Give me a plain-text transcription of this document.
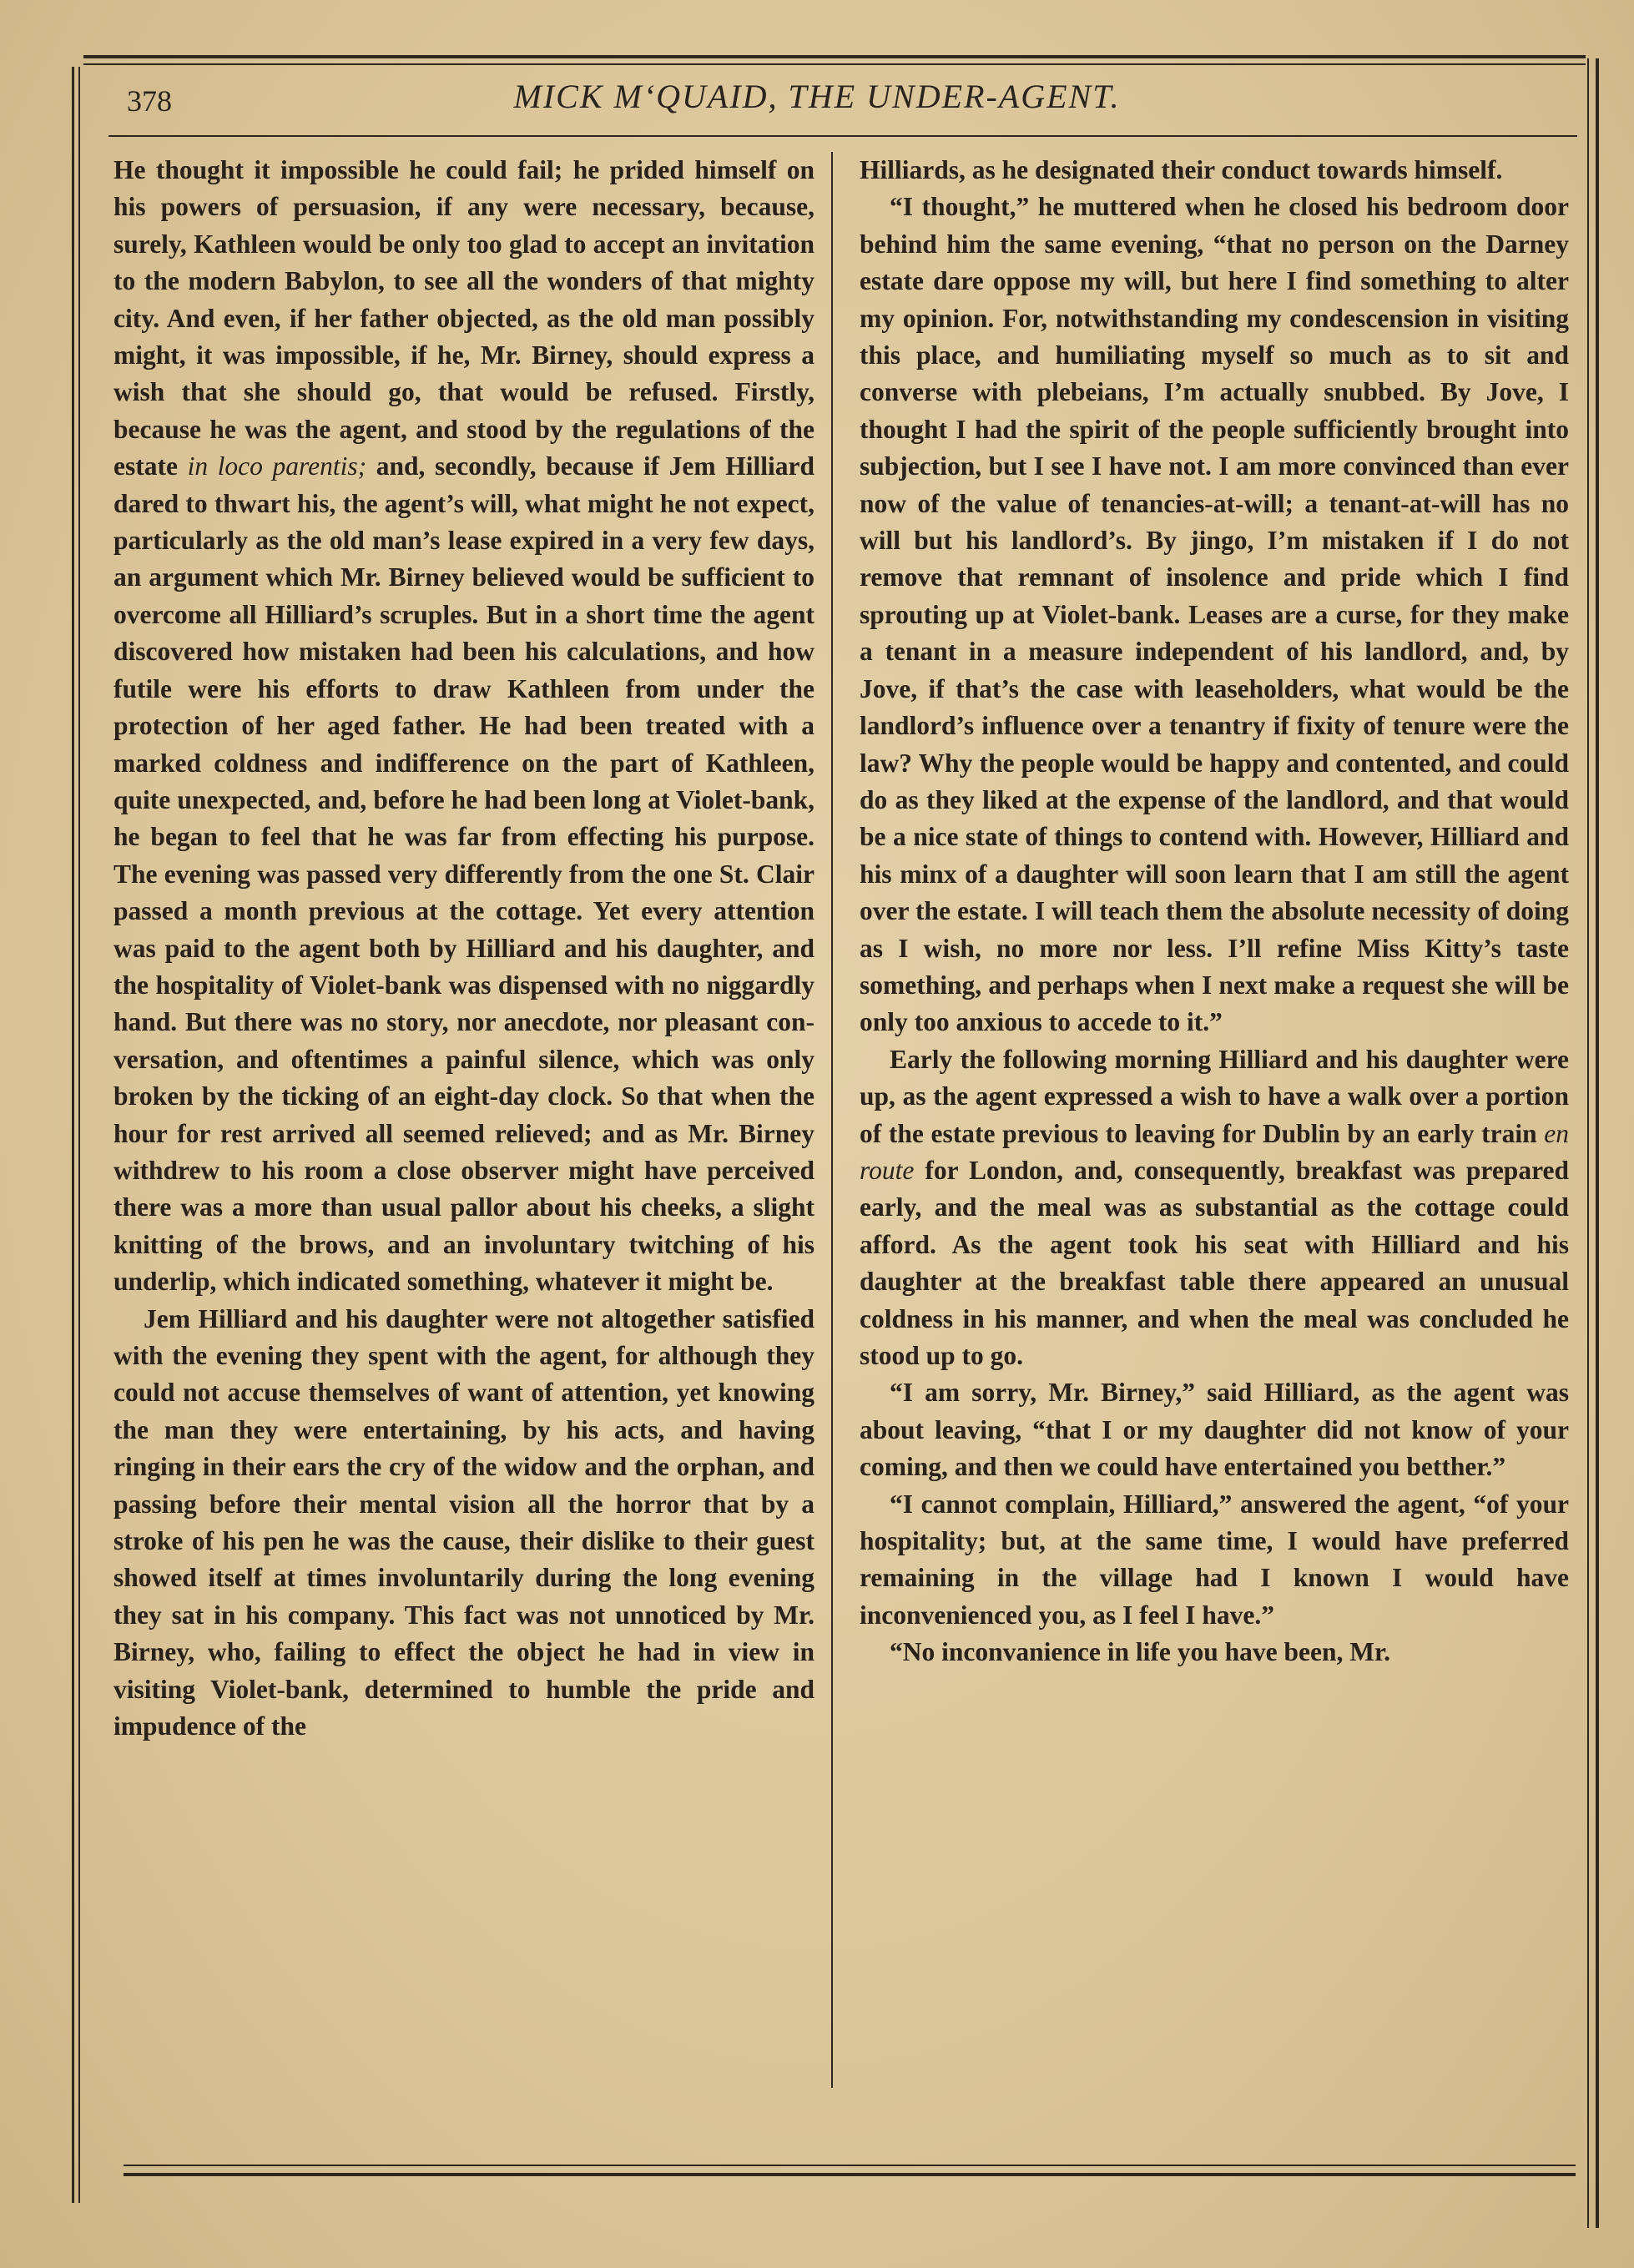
378	MICK M‘QUAID, THE UNDER-AGENT.

He thought it impossible he could fail; he prided himself on his powers of persuasion, if any were necessary, because, surely, Kathleen would be only too glad to accept an invitation to the modern Babylon, to see all the wonders of that mighty city. And even, if her father objected, as the old man possibly might, it was impossible, if he, Mr. Birney, should express a wish that she should go, that would be refused. Firstly, because he was the agent, and stood by the regulations of the estate in loco parentis; and, secondly, because if Jem Hilliard dared to thwart his, the agent’s will, what might he not expect, particularly as the old man’s lease expired in a very few days, an argument which Mr. Birney believed would be sufficient to overcome all Hilliard’s scruples. But in a short time the agent discovered how mistaken had been his calculations, and how futile were his efforts to draw Kathleen from under the protection of her aged father. He had been treated with a marked coldness and indifference on the part of Kathleen, quite unexpected, and, before he had been long at Violet-bank, he began to feel that he was far from effecting his purpose. The evening was passed very differently from the one St. Clair passed a month previous at the cottage. Yet every attention was paid to the agent both by Hilliard and his daughter, and the hospitality of Violet-bank was dispensed with no niggardly hand. But there was no story, nor anecdote, nor pleasant conversation, and oftentimes a painful silence, which was only broken by the ticking of an eight-day clock. So that when the hour for rest arrived all seemed relieved; and as Mr. Birney withdrew to his room a close observer might have perceived there was a more than usual pallor about his cheeks, a slight knitting of the brows, and an involuntary twitching of his underlip, which indicated something, whatever it might be.

Jem Hilliard and his daughter were not altogether satisfied with the evening they spent with the agent, for although they could not accuse themselves of want of attention, yet knowing the man they were entertaining, by his acts, and having ringing in their ears the cry of the widow and the orphan, and passing before their mental vision all the horror that by a stroke of his pen he was the cause, their dislike to their guest showed itself at times involuntarily during the long evening they sat in his company. This fact was not unnoticed by Mr. Birney, who, failing to effect the object he had in view in visiting Violet-bank, determined to humble the pride and impudence of the

Hilliards, as he designated their conduct towards himself.

“I thought,” he muttered when he closed his bedroom door behind him the same evening, “that no person on the Darney estate dare oppose my will, but here I find something to alter my opinion. For, notwithstanding my condescension in visiting this place, and humiliating myself so much as to sit and converse with plebeians, I’m actually snubbed. By Jove, I thought I had the spirit of the people sufficiently brought into subjection, but I see I have not. I am more convinced than ever now of the value of tenancies-at-will; a tenant-at-will has no will but his landlord’s. By jingo, I’m mistaken if I do not remove that remnant of insolence and pride which I find sprouting up at Violet-bank. Leases are a curse, for they make a tenant in a measure independent of his landlord, and, by Jove, if that’s the case with leaseholders, what would be the landlord’s influence over a tenantry if fixity of tenure were the law? Why the people would be happy and contented, and could do as they liked at the expense of the landlord, and that would be a nice state of things to contend with. However, Hilliard and his minx of a daughter will soon learn that I am still the agent over the estate. I will teach them the absolute necessity of doing as I wish, no more nor less. I’ll refine Miss Kitty’s taste something, and perhaps when I next make a request she will be only too anxious to accede to it.”

Early the following morning Hilliard and his daughter were up, as the agent expressed a wish to have a walk over a portion of the estate previous to leaving for Dublin by an early train en route for London, and, consequently, breakfast was prepared early, and the meal was as substantial as the cottage could afford. As the agent took his seat with Hilliard and his daughter at the breakfast table there appeared an unusual coldness in his manner, and when the meal was concluded he stood up to go.

“I am sorry, Mr. Birney,” said Hilliard, as the agent was about leaving, “that I or my daughter did not know of your coming, and then we could have entertained you betther.”

“I cannot complain, Hilliard,” answered the agent, “of your hospitality; but, at the same time, I would have preferred remaining in the village had I known I would have inconvenienced you, as I feel I have.”

“No inconvanience in life you have been, Mr.
